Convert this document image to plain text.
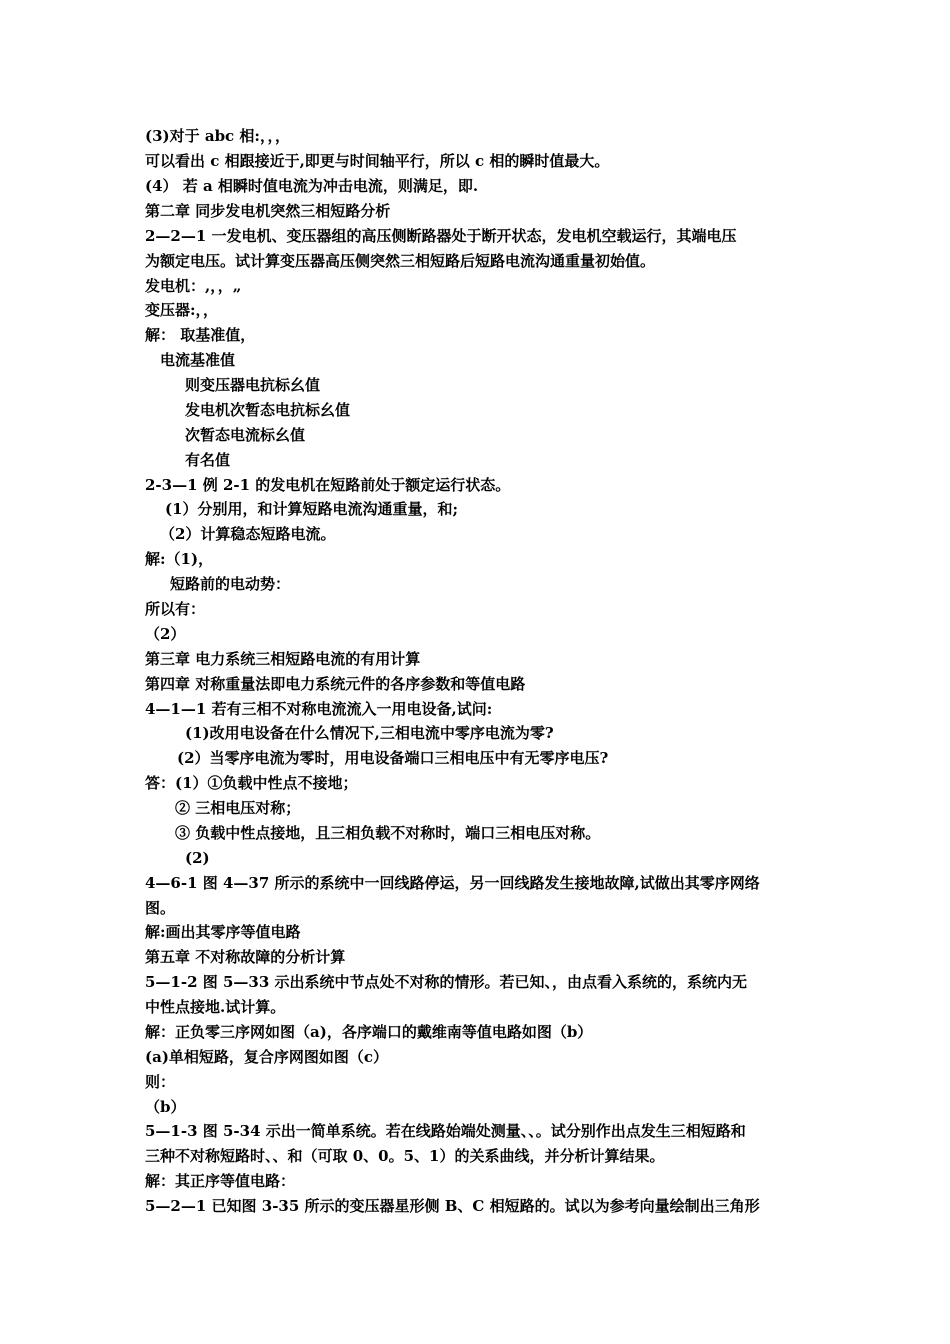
(3)对于 abc 相:，，，
可以看出 c 相跟接近于,即更与时间轴平行，所以 c 相的瞬时值最大。
(4） 若 a 相瞬时值电流为冲击电流，则满足，即.
第二章 同步发电机突然三相短路分析
2—2—1 一发电机、变压器组的高压侧断路器处于断开状态，发电机空载运行，其端电压
为额定电压。试计算变压器高压侧突然三相短路后短路电流沟通重量初始值。
发电机：,，，„
变压器:，，
解： 取基准值，
电流基准值
则变压器电抗标幺值
发电机次暂态电抗标幺值
次暂态电流标幺值
有名值
2-3—1 例 2-1 的发电机在短路前处于额定运行状态。
(1）分别用，和计算短路电流沟通重量，和;
（2）计算稳态短路电流。
解:（1)，
短路前的电动势：
所以有：
（2）
第三章 电力系统三相短路电流的有用计算
第四章 对称重量法即电力系统元件的各序参数和等值电路
4—1—1 若有三相不对称电流流入一用电设备,试问:
(1)改用电设备在什么情况下,三相电流中零序电流为零?
(2）当零序电流为零时，用电设备端口三相电压中有无零序电压?
答：(1）①负载中性点不接地；
② 三相电压对称；
③ 负载中性点接地，且三相负载不对称时，端口三相电压对称。
(2)
4—6-1 图 4—37 所示的系统中一回线路停运，另一回线路发生接地故障,试做出其零序网络
图。
解:画出其零序等值电路
第五章 不对称故障的分析计算
5—1-2 图 5—33 示出系统中节点处不对称的情形。若已知、，由点看入系统的，系统内无
中性点接地.试计算。
解：正负零三序网如图（a)，各序端口的戴维南等值电路如图（b）
(a)单相短路，复合序网图如图（c）
则：
（b）
5—1-3 图 5-34 示出一简单系统。若在线路始端处测量、、。试分别作出点发生三相短路和
三种不对称短路时、、和（可取 0、0。5、1）的关系曲线，并分析计算结果。
解：其正序等值电路：
5—2—1 已知图 3-35 所示的变压器星形侧 B、C 相短路的。试以为参考向量绘制出三角形
